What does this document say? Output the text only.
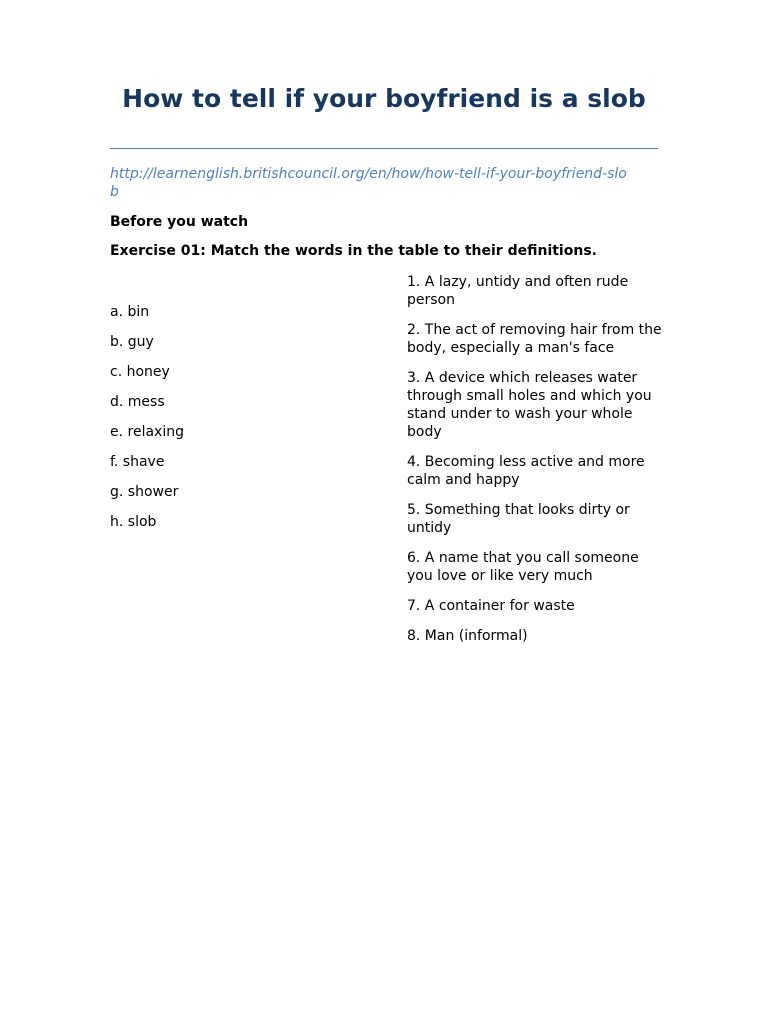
How to tell if your boyfriend is a slob
http://learnenglish.britishcouncil.org/en/how/how-tell-if-your-boyfriend-slob

Before you watch

Exercise 01: Match the words in the table to their definitions.

a. bin
b. guy
c. honey
d. mess
e. relaxing
f. shave
g. shower
h. slob
1. A lazy, untidy and often rude person
2. The act of removing hair from the body, especially a man's face
3. A device which releases water through small holes and which you stand under to wash your whole body
4. Becoming less active and more calm and happy
5. Something that looks dirty or untidy
6. A name that you call someone you love or like very much
7. A container for waste
8. Man (informal)
